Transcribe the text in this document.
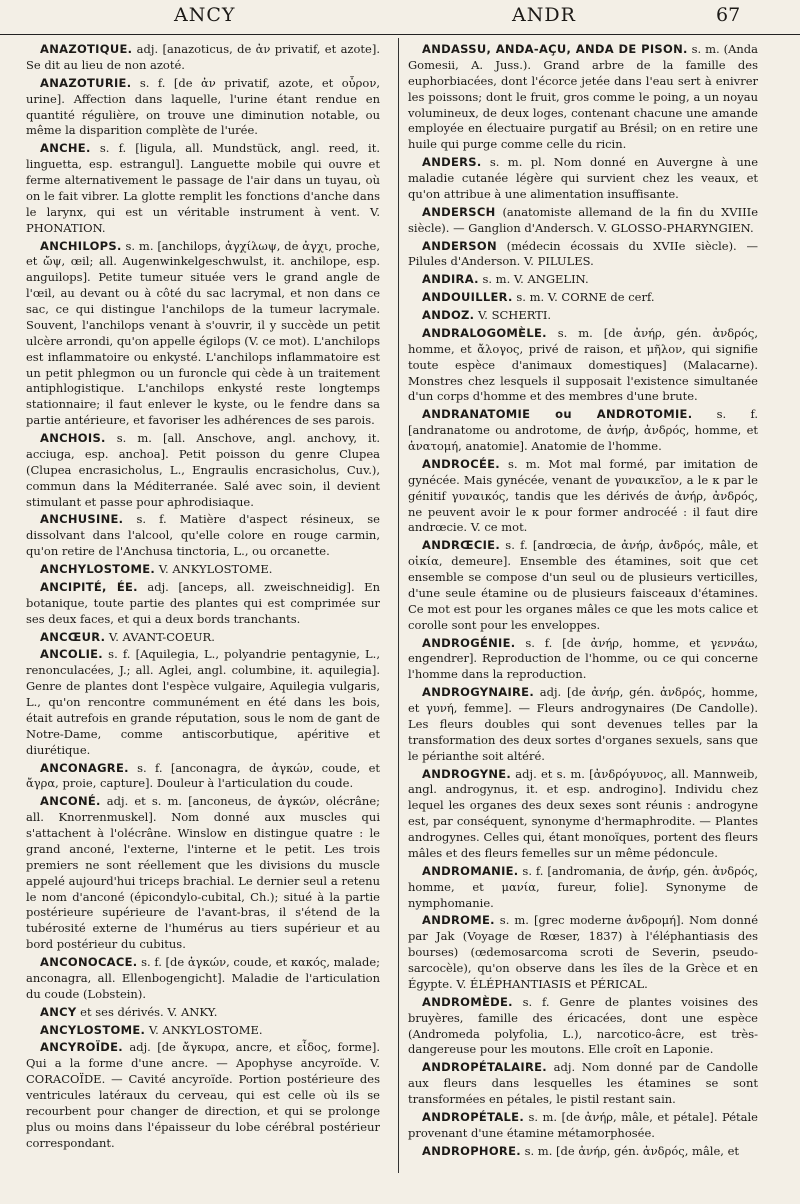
ANCY	ANDR	67

ANAZOTIQUE. adj. [anazoticus, de ἀν privatif, et azote]. Se dit au lieu de non azoté.

ANAZOTURIE. s. f. [de ἀν privatif, azote, et οὖρον, urine]. Affection dans laquelle, l'urine étant rendue en quantité régulière, on trouve une diminution notable, ou même la disparition complète de l'urée.

ANCHE. s. f. [ligula, all. Mundstück, angl. reed, it. linguetta, esp. estrangul]. Languette mobile qui ouvre et ferme alternativement le passage de l'air dans un tuyau, où on le fait vibrer. La glotte remplit les fonctions d'anche dans le larynx, qui est un véritable instrument à vent. V. PHONATION.

ANCHILOPS. s. m. [anchilops, ἀγχίλωψ, de ἀγχι, proche, et ὤψ, œil; all. Augenwinkelgeschwulst, it. anchilope, esp. anguilops]. Petite tumeur située vers le grand angle de l'œil, au devant ou à côté du sac lacrymal, et non dans ce sac, ce qui distingue l'anchilops de la tumeur lacrymale. Souvent, l'anchilops venant à s'ouvrir, il y succède un petit ulcère arrondi, qu'on appelle égilops (V. ce mot). L'anchilops est inflammatoire ou enkysté. L'anchilops inflammatoire est un petit phlegmon ou un furoncle qui cède à un traitement antiphlogistique. L'anchilops enkysté reste longtemps stationnaire; il faut enlever le kyste, ou le fendre dans sa partie antérieure, et favoriser les adhérences de ses parois.

ANCHOIS. s. m. [all. Anschove, angl. anchovy, it. acciuga, esp. anchoa]. Petit poisson du genre Clupea (Clupea encrasicholus, L., Engraulis encrasicholus, Cuv.), commun dans la Méditerranée. Salé avec soin, il devient stimulant et passe pour aphrodisiaque.

ANCHUSINE. s. f. Matière d'aspect résineux, se dissolvant dans l'alcool, qu'elle colore en rouge carmin, qu'on retire de l'Anchusa tinctoria, L., ou orcanette.

ANCHYLOSTOME. V. ANKYLOSTOME.

ANCIPITÉ, ÉE. adj. [anceps, all. zweischneidig]. En botanique, toute partie des plantes qui est comprimée sur ses deux faces, et qui a deux bords tranchants.

ANCŒUR. V. AVANT-COEUR.

ANCOLIE. s. f. [Aquilegia, L., polyandrie pentagynie, L., renonculacées, J.; all. Aglei, angl. columbine, it. aquilegia]. Genre de plantes dont l'espèce vulgaire, Aquilegia vulgaris, L., qu'on rencontre communément en été dans les bois, était autrefois en grande réputation, sous le nom de gant de Notre-Dame, comme antiscorbutique, apéritive et diurétique.

ANCONAGRE. s. f. [anconagra, de ἀγκών, coude, et ἄγρα, proie, capture]. Douleur à l'articulation du coude.

ANCONÉ. adj. et s. m. [anconeus, de ἀγκών, olécrâne; all. Knorrenmuskel]. Nom donné aux muscles qui s'attachent à l'olécrâne. Winslow en distingue quatre : le grand anconé, l'externe, l'interne et le petit. Les trois premiers ne sont réellement que les divisions du muscle appelé aujourd'hui triceps brachial. Le dernier seul a retenu le nom d'anconé (épicondylo-cubital, Ch.); situé à la partie postérieure supérieure de l'avant-bras, il s'étend de la tubérosité externe de l'humérus au tiers supérieur et au bord postérieur du cubitus.

ANCONOCACE. s. f. [de ἀγκών, coude, et κακός, malade; anconagra, all. Ellenbogengicht]. Maladie de l'articulation du coude (Lobstein).

ANCY et ses dérivés. V. ANKY.

ANCYLOSTOME. V. ANKYLOSTOME.

ANCYROÏDE. adj. [de ἄγκυρα, ancre, et εἶδος, forme]. Qui a la forme d'une ancre. — Apophyse ancyroïde. V. CORACOÏDE. — Cavité ancyroïde. Portion postérieure des ventricules latéraux du cerveau, qui est celle où ils se recourbent pour changer de direction, et qui se prolonge plus ou moins dans l'épaisseur du lobe cérébral postérieur correspondant.

ANDASSU, ANDA-AÇU, ANDA DE PISON. s. m. (Anda Gomesii, A. Juss.). Grand arbre de la famille des euphorbiacées, dont l'écorce jetée dans l'eau sert à enivrer les poissons; dont le fruit, gros comme le poing, a un noyau volumineux, de deux loges, contenant chacune une amande employée en électuaire purgatif au Brésil; on en retire une huile qui purge comme celle du ricin.

ANDERS. s. m. pl. Nom donné en Auvergne à une maladie cutanée légère qui survient chez les veaux, et qu'on attribue à une alimentation insuffisante.

ANDERSCH (anatomiste allemand de la fin du XVIIIe siècle). — Ganglion d'Andersch. V. GLOSSO-PHARYNGIEN.

ANDERSON (médecin écossais du XVIIe siècle). — Pilules d'Anderson. V. PILULES.

ANDIRA. s. m. V. ANGELIN.

ANDOUILLER. s. m. V. CORNE de cerf.

ANDOZ. V. SCHERTI.

ANDRALOGOMÈLE. s. m. [de ἀνήρ, gén. ἀνδρός, homme, et ἄλογος, privé de raison, et μῆλον, qui signifie toute espèce d'animaux domestiques] (Malacarne). Monstres chez lesquels il supposait l'existence simultanée d'un corps d'homme et des membres d'une brute.

ANDRANATOMIE ou ANDROTOMIE. s. f. [andranatome ou androtome, de ἀνήρ, ἀνδρός, homme, et ἀνατομή, anatomie]. Anatomie de l'homme.

ANDROCÉE. s. m. Mot mal formé, par imitation de gynécée. Mais gynécée, venant de γυναικεῖον, a le κ par le génitif γυναικός, tandis que les dérivés de ἀνήρ, ἀνδρός, ne peuvent avoir le κ pour former androcéé : il faut dire andrœcie. V. ce mot.

ANDRŒCIE. s. f. [andrœcia, de ἀνήρ, ἀνδρός, mâle, et οἰκία, demeure]. Ensemble des étamines, soit que cet ensemble se compose d'un seul ou de plusieurs verticilles, d'une seule étamine ou de plusieurs faisceaux d'étamines. Ce mot est pour les organes mâles ce que les mots calice et corolle sont pour les enveloppes.

ANDROGÉNIE. s. f. [de ἀνήρ, homme, et γεννάω, engendrer]. Reproduction de l'homme, ou ce qui concerne l'homme dans la reproduction.

ANDROGYNAIRE. adj. [de ἀνήρ, gén. ἀνδρός, homme, et γυνή, femme]. — Fleurs androgynaires (De Candolle). Les fleurs doubles qui sont devenues telles par la transformation des deux sortes d'organes sexuels, sans que le périanthe soit altéré.

ANDROGYNE. adj. et s. m. [ἀνδρόγυνος, all. Mannweib, angl. androgynus, it. et esp. androgino]. Individu chez lequel les organes des deux sexes sont réunis : androgyne est, par conséquent, synonyme d'hermaphrodite. — Plantes androgynes. Celles qui, étant monoïques, portent des fleurs mâles et des fleurs femelles sur un même pédoncule.

ANDROMANIE. s. f. [andromania, de ἀνήρ, gén. ἀνδρός, homme, et μανία, fureur, folie]. Synonyme de nymphomanie.

ANDROME. s. m. [grec moderne ἀνδρομή]. Nom donné par Jak (Voyage de Rœser, 1837) à l'éléphantiasis des bourses) (œdemosarcoma scroti de Severin, pseudo-sarcocèle), qu'on observe dans les îles de la Grèce et en Égypte. V. ÉLÉPHANTIASIS et PÉRICAL.

ANDROMÈDE. s. f. Genre de plantes voisines des bruyères, famille des éricacées, dont une espèce (Andromeda polyfolia, L.), narcotico-âcre, est très-dangereuse pour les moutons. Elle croît en Laponie.

ANDROPÉTALAIRE. adj. Nom donné par de Candolle aux fleurs dans lesquelles les étamines se sont transformées en pétales, le pistil restant sain.

ANDROPÉTALE. s. m. [de ἀνήρ, mâle, et pétale]. Pétale provenant d'une étamine métamorphosée.

ANDROPHORE. s. m. [de ἀνήρ, gén. ἀνδρός, mâle, et
